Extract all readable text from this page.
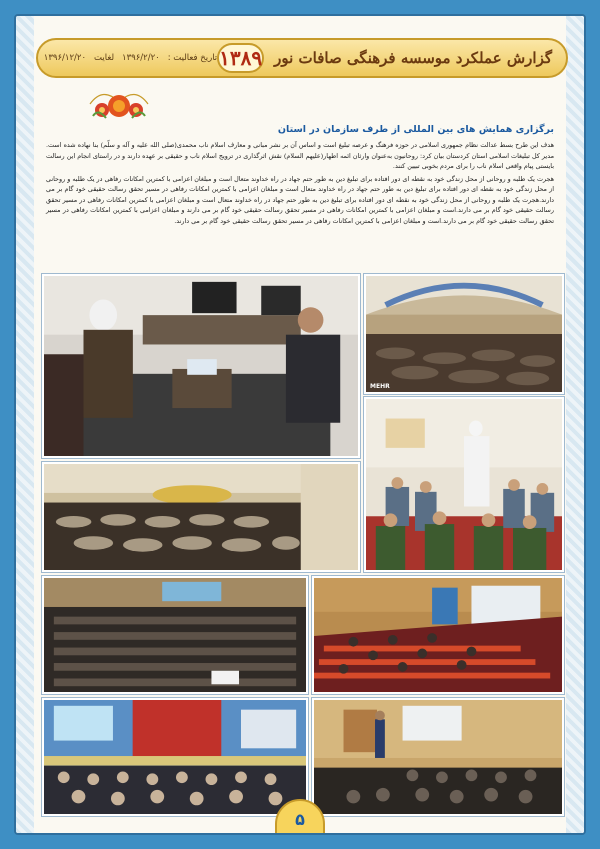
گزارش عملکرد موسسه فرهنگی صافات نور
۱۳۸۹
تاریخ فعالیت :
۱۳۹۶/۲/۲۰
لغایت
۱۳۹۶/۱۲/۲۰
برگزاری همایش های بین المللی از طرف سازمان در استان

هدف این طرح بسط عدالت نظام جمهوری اسلامی در حوزه فرهنگ و عرصه تبلیغ است و اساس آن بر نشر مبانی و معارف اسلام ناب محمدی(صلی الله علیه و آله و سلّم) بنا نهاده شده است. مدیر کل تبلیغات اسلامی استان کردستان بیان کرد: روحانیون به‌عنوان وارثان ائمه اطهار(علیهم السلام) نقش اثرگذاری در ترویج اسلام ناب و حقیقی بر عهده دارند و در راستای انجام این رسالت بایستی پیام واقعی اسلام ناب را برای مردم بخوبی تبیین کنند.

هجرت یک طلبه و روحانی از محل زندگی خود به نقطه ای دور افتاده برای تبلیغ دین به طور حتم جهاد در راه خداوند متعال است و مبلغان اعزامی با کمترین امکانات رفاهی در یک طلبه و روحانی از محل زندگی خود به نقطه ای دور افتاده برای تبلیغ دین به طور حتم جهاد در راه خداوند متعال است و مبلغان اعزامی با کمترین امکانات رفاهی در مسیر تحقق رسالت حقیقی خود گام بر می دارند.هجرت یک طلبه و روحانی از محل زندگی خود به نقطه ای دور افتاده برای تبلیغ دین به طور حتم جهاد در راه خداوند متعال است و مبلغان اعزامی با کمترین امکانات رفاهی در مسیر تحقق رسالت حقیقی خود گام بر می دارند.است و مبلغان اعزامی با کمترین امکانات رفاهی در مسیر تحقق رسالت حقیقی خود گام بر می دارند و مبلغان اعزامی با کمترین امکانات رفاهی در مسیر تحقق رسالت حقیقی خود گام بر می دارند.است و مبلغان اعزامی با کمترین امکانات رفاهی در مسیر تحقق رسالت حقیقی خود گام بر می دارند.

MEHR
۵
